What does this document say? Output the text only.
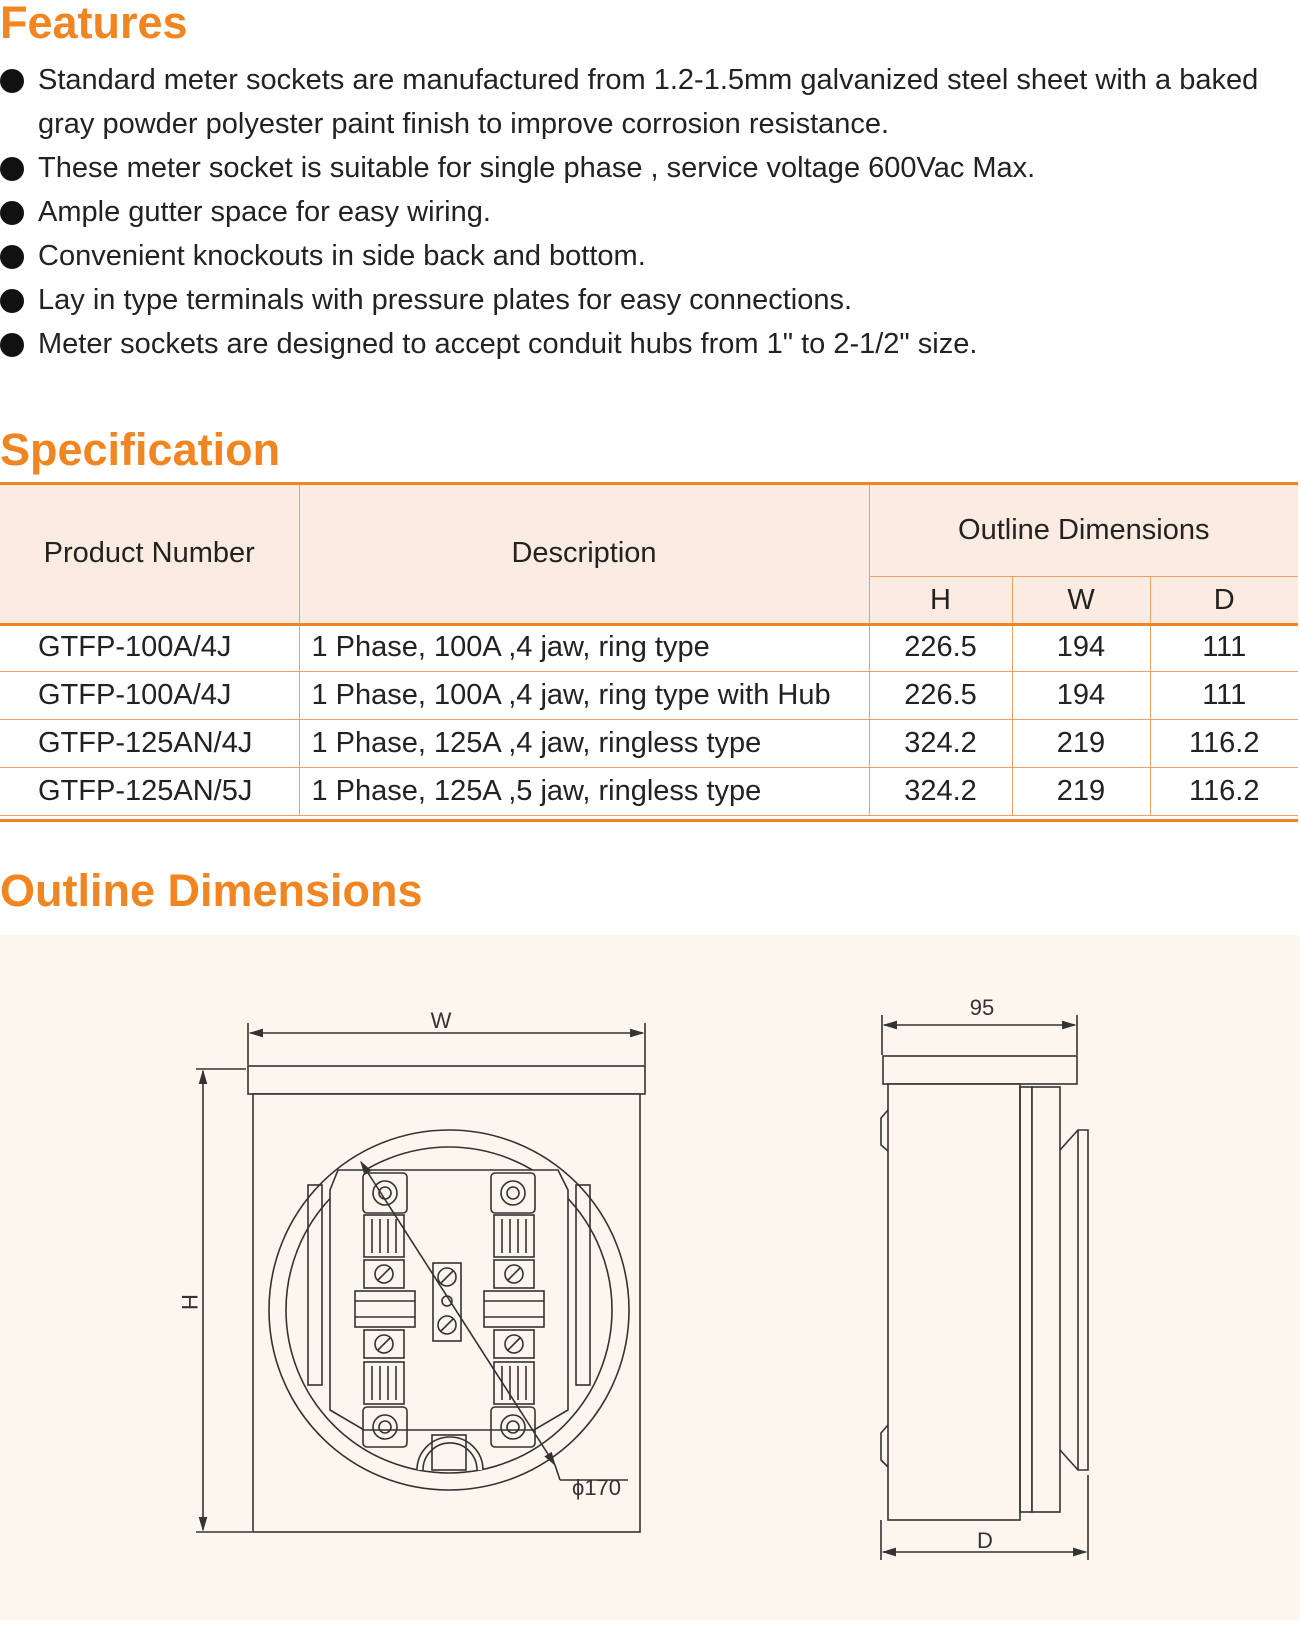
Features
Standard meter sockets are manufactured from 1.2-1.5mm galvanized steel sheet with a baked gray powder polyester paint finish to improve corrosion resistance.
These meter socket is suitable for single phase , service voltage 600Vac Max.
Ample gutter space for easy wiring.
Convenient knockouts in side back and bottom.
Lay in type terminals with pressure plates for easy connections.
Meter sockets are designed to accept conduit hubs from 1" to 2-1/2" size.
Specification
Product Number	Description	Outline Dimensions		
		H	W	D
GTFP-100A/4J	1 Phase, 100A ,4 jaw, ring type	226.5	194	111
GTFP-100A/4J	1 Phase, 100A ,4 jaw, ring type with Hub	226.5	194	111
GTFP-125AN/4J	1 Phase, 125A ,4 jaw, ringless type	324.2	219	116.2
GTFP-125AN/5J	1 Phase, 125A ,5 jaw, ringless type	324.2	219	116.2
Outline Dimensions
W
H
ϕ170
95
D
